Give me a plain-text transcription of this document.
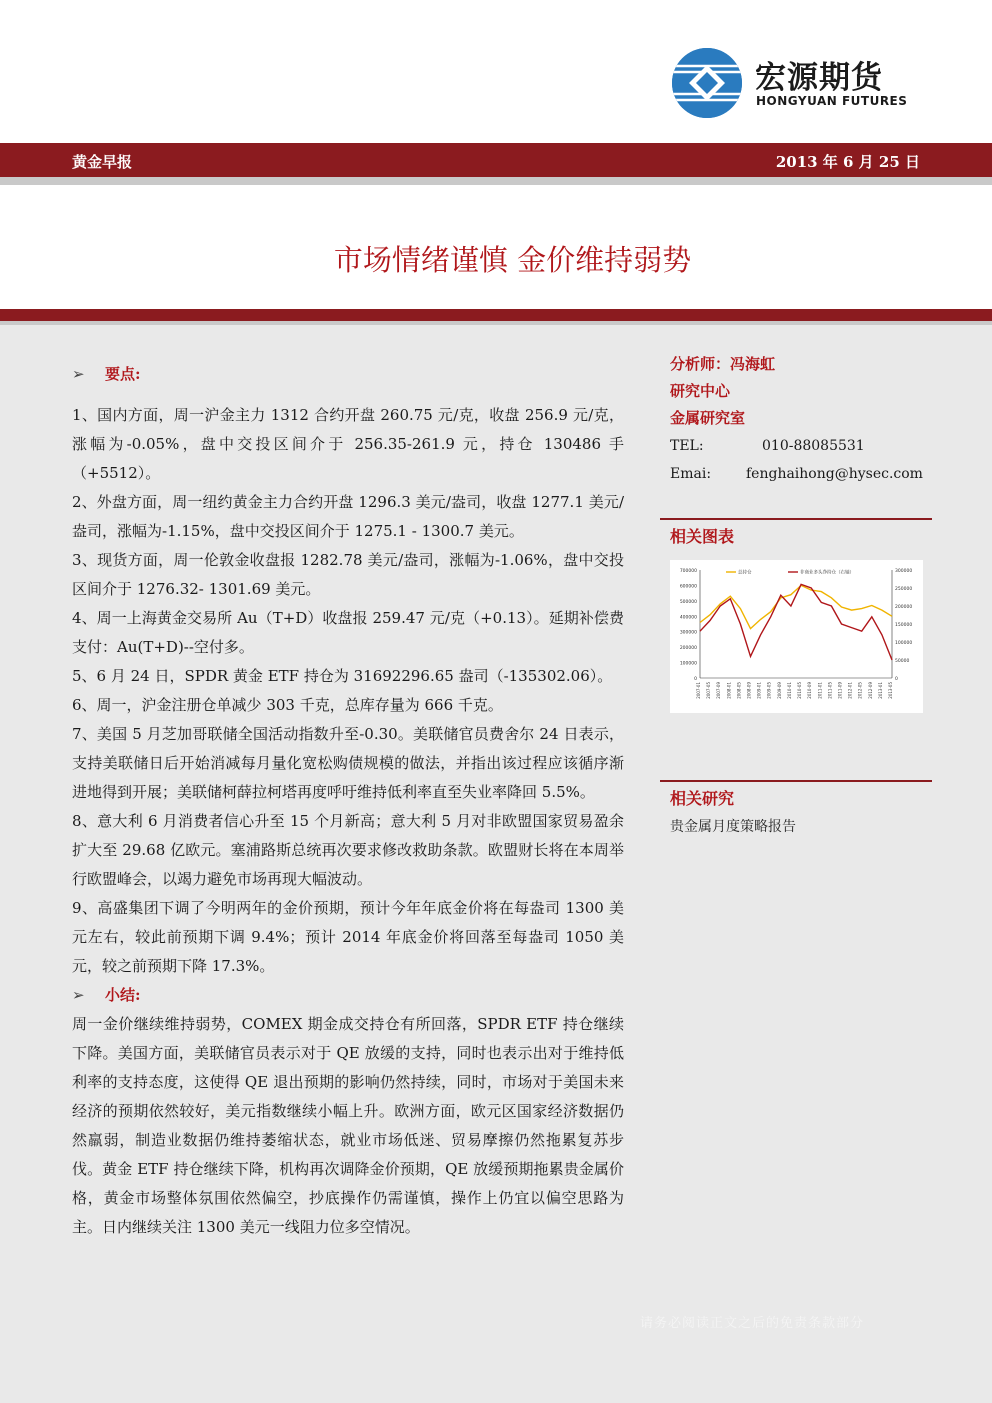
宏源期货
HONGYUAN FUTURES
黄金早报	2013 年 6 月 25 日
市场情绪谨慎 金价维持弱势
➢ 要点:

1、国内方面，周一沪金主力 1312 合约开盘 260.75 元/克，收盘 256.9 元/克，涨幅为-0.05%，盘中交投区间介于 256.35-261.9 元，持仓 130486 手（+5512）。

2、外盘方面，周一纽约黄金主力合约开盘 1296.3 美元/盎司，收盘 1277.1 美元/盎司，涨幅为-1.15%，盘中交投区间介于 1275.1 - 1300.7 美元。

3、现货方面，周一伦敦金收盘报 1282.78 美元/盎司，涨幅为-1.06%，盘中交投区间介于 1276.32- 1301.69 美元。

4、周一上海黄金交易所 Au（T+D）收盘报 259.47 元/克（+0.13）。延期补偿费支付：Au(T+D)--空付多。

5、6 月 24 日，SPDR 黄金 ETF 持仓为 31692296.65 盎司（-135302.06）。

6、周一，沪金注册仓单减少 303 千克，总库存量为 666 千克。

7、美国 5 月芝加哥联储全国活动指数升至-0.30。美联储官员费舍尔 24 日表示，支持美联储日后开始消减每月量化宽松购债规模的做法，并指出该过程应该循序渐进地得到开展；美联储柯薛拉柯塔再度呼吁维持低利率直至失业率降回 5.5%。

8、意大利 6 月消费者信心升至 15 个月新高；意大利 5 月对非欧盟国家贸易盈余扩大至 29.68 亿欧元。塞浦路斯总统再次要求修改救助条款。欧盟财长将在本周举行欧盟峰会，以竭力避免市场再现大幅波动。

9、高盛集团下调了今明两年的金价预期，预计今年年底金价将在每盎司 1300 美元左右，较此前预期下调 9.4%；预计 2014 年底金价将回落至每盎司 1050 美元，较之前预期下降 17.3%。

➢ 小结:

周一金价继续维持弱势，COMEX 期金成交持仓有所回落，SPDR ETF 持仓继续下降。美国方面，美联储官员表示对于 QE 放缓的支持，同时也表示出对于维持低利率的支持态度，这使得 QE 退出预期的影响仍然持续，同时，市场对于美国未来经济的预期依然较好，美元指数继续小幅上升。欧洲方面，欧元区国家经济数据仍然羸弱，制造业数据仍维持萎缩状态，就业市场低迷、贸易摩擦仍然拖累复苏步伐。黄金 ETF 持仓继续下降，机构再次调降金价预期，QE 放缓预期拖累贵金属价格，黄金市场整体氛围依然偏空，抄底操作仍需谨慎，操作上仍宜以偏空思路为主。日内继续关注 1300 美元一线阻力位多空情况。

分析师：冯海虹
研究中心
金属研究室
TEL:	010-88085531
Emai: fenghaihong@hysec.com
相关图表
700000
600000
500000
400000
300000
200000
100000
0
300000
250000
200000
150000
100000
50000
0
2007-01 2007-05 2007-09 2008-01 2008-05 2008-09 2009-01 2009-05 2009-09 2010-01 2010-05 2010-09 2011-01 2011-05 2011-09 2012-01 2012-05 2012-09 2013-01 2013-05
总持仓	非商业多头净持仓（右轴）
相关研究
贵金属月度策略报告
请务必阅读正文之后的免责条款部分
